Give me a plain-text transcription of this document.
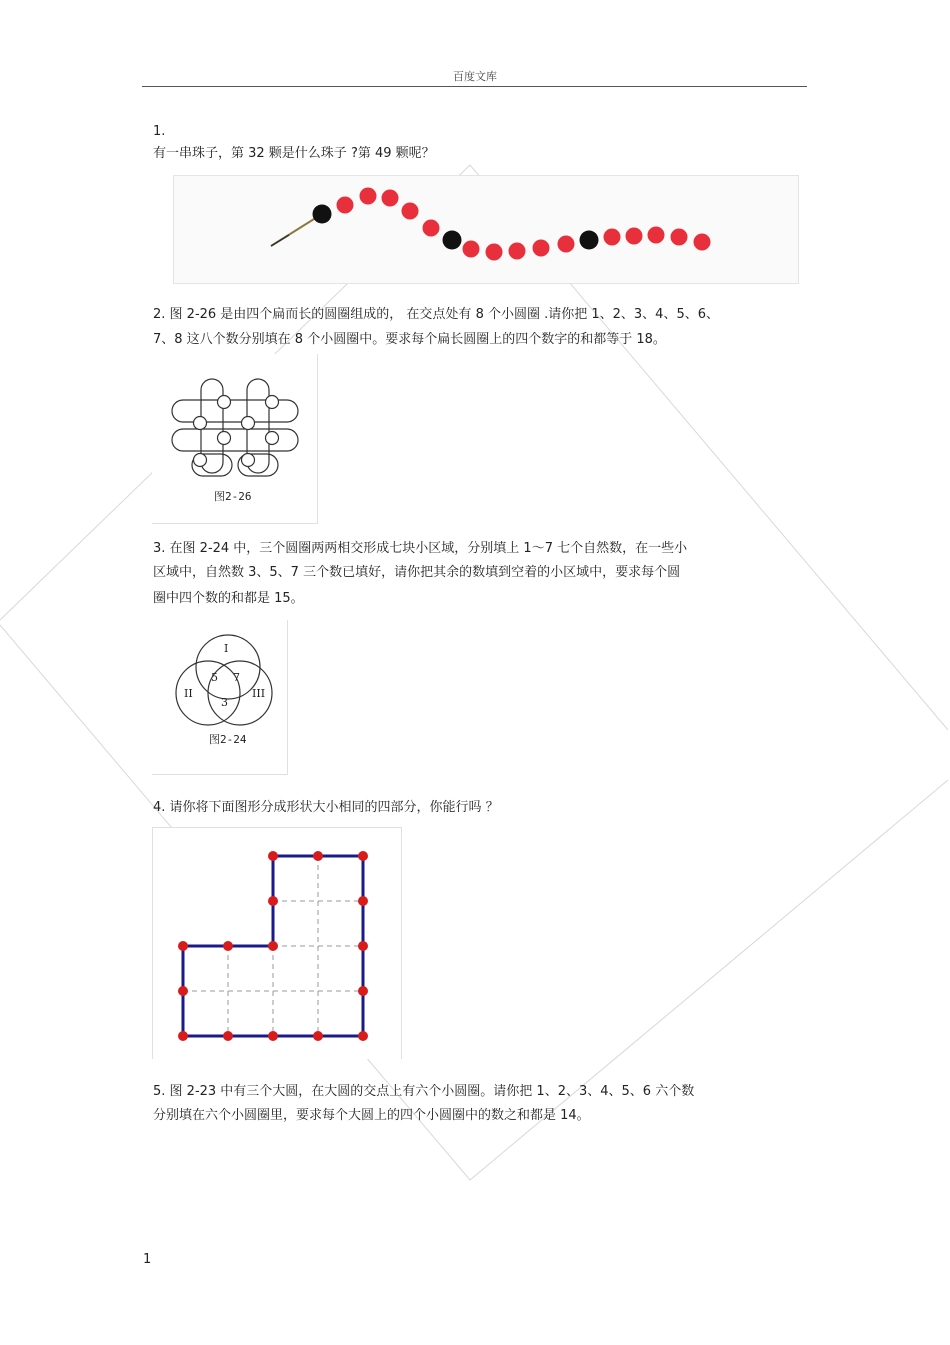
百度文库
1.
有一串珠子，第 32 颗是什么珠子 ?第 49 颗呢？
2. 图 2-26 是由四个扁而长的圆圈组成的， 在交点处有 8 个小圆圈 .请你把 1、2、3、4、5、6、
7、8 这八个数分别填在 8 个小圆圈中。要求每个扁长圆圈上的四个数字的和都等于 18。
图2-26
3. 在图 2-24 中，三个圆圈两两相交形成七块小区域，分别填上 1～7 七个自然数，在一些小
区域中，自然数 3、5、7 三个数已填好，请你把其余的数填到空着的小区域中，要求每个圆
圈中四个数的和都是 15。
I
II	III
5 7
3
图2-24
4. 请你将下面图形分成形状大小相同的四部分，你能行吗 ？
5. 图 2-23 中有三个大圆，在大圆的交点上有六个小圆圈。请你把 1、2、3、4、5、6 六个数
分别填在六个小圆圈里，要求每个大圆上的四个小圆圈中的数之和都是 14。
1
